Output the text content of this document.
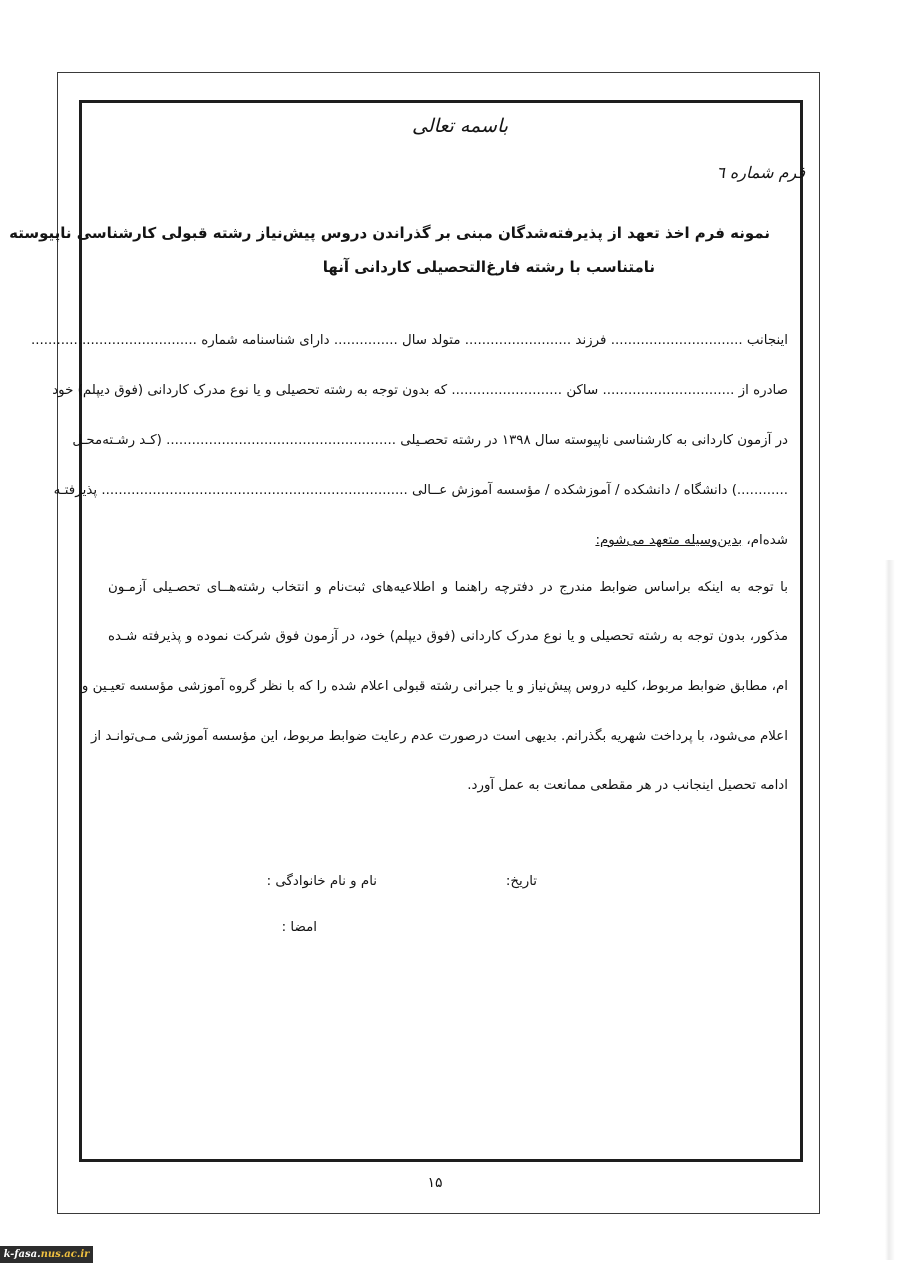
باسمه تعالی
فرم شماره ٦
نمونه فرم اخذ تعهد از پذیرفته‌شدگان مبنی بر گذراندن دروس پیش‌نیاز رشته قبولی کارشناسی ناپیوسته
نامتناسب با رشته فارغ‌التحصیلی کاردانی آنها
اینجانب ............................... فرزند ......................... متولد سال ............... دارای شناسنامه شماره .......................................
صادره از ............................... ساکن .......................... که بدون توجه به رشته تحصیلی و یا نوع مدرک کاردانی (فوق دیپلم) خود
در آزمون کاردانی به کارشناسی ناپیوسته سال ۱۳۹۸ در رشته تحصـیلی ...................................................... (کـد رشـته‌محـل
............) دانشگاه / دانشکده / آموزشکده / مؤسسه آموزش عــالی ........................................................................ پذیرفتـه
شده‌ام، بدین‌وسیله متعهد می‌شوم:
با توجه به اینکه براساس ضوابط مندرج در دفترچه راهنما و اطلاعیه‌های ثبت‌نام و انتخاب رشته‌هــای تحصـیلی آزمـون
مذکور، بدون توجه به رشته تحصیلی و یا نوع مدرک کاردانی (فوق دیپلم) خود، در آزمون فوق شرکت نموده و پذیرفته شـده
ام، مطابق ضوابط مربوط، کلیه دروس پیش‌نیاز و یا جبرانی رشته قبولی اعلام شده را که با نظر گروه آموزشی مؤسسه تعیـین و
اعلام می‌شود، با پرداخت شهریه بگذرانم. بدیهی است درصورت عدم رعایت ضوابط مربوط، این مؤسسه آموزشی مـی‌توانـد از
ادامه تحصیل اینجانب در هر مقطعی ممانعت به عمل آورد.
تاریخ:
نام و نام خانوادگی :
امضا :
۱۵
k-fasa.nus.ac.ir
